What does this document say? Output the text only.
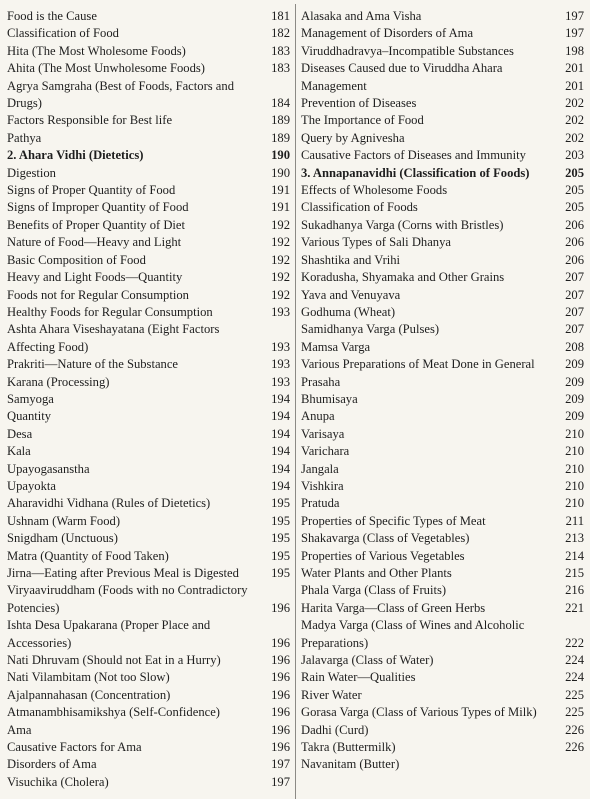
Food is the Cause	181
Classification of Food	182
Hita (The Most Wholesome Foods)	183
Ahita (The Most Unwholesome Foods)	183
Agrya Samgraha (Best of Foods, Factors and Drugs)	184
Factors Responsible for Best life	189
Pathya	189
2. Ahara Vidhi (Dietetics)	190
Digestion	190
Signs of Proper Quantity of Food	191
Signs of Improper Quantity of Food	191
Benefits of Proper Quantity of Diet	192
Nature of Food—Heavy and Light	192
Basic Composition of Food	192
Heavy and Light Foods—Quantity	192
Foods not for Regular Consumption	192
Healthy Foods for Regular Consumption	193
Ashta Ahara Viseshayatana (Eight Factors Affecting Food)	193
Prakriti—Nature of the Substance	193
Karana (Processing)	193
Samyoga	194
Quantity	194
Desa	194
Kala	194
Upayogasanstha	194
Upayokta	194
Aharavidhi Vidhana (Rules of Dietetics)	195
Ushnam (Warm Food)	195
Snigdham (Unctuous)	195
Matra (Quantity of Food Taken)	195
Jirna—Eating after Previous Meal is Digested	195
Viryaaviruddham (Foods with no Contradictory Potencies)	196
Ishta Desa Upakarana (Proper Place and Accessories)	196
Nati Dhruvam (Should not Eat in a Hurry)	196
Nati Vilambitam (Not too Slow)	196
Ajalpannahasan (Concentration)	196
Atmanambhisamikshya (Self-Confidence)	196
Ama	196
Causative Factors for Ama	196
Disorders of Ama	197
Visuchika (Cholera)	197
Alasaka and Ama Visha	197
Management of Disorders of Ama	197
Viruddhadravya–Incompatible Substances	198
Diseases Caused due to Viruddha Ahara	201
Management	201
Prevention of Diseases	202
The Importance of Food	202
Query by Agnivesha	202
Causative Factors of Diseases and Immunity	203
3. Annapanavidhi (Classification of Foods)	205
Effects of Wholesome Foods	205
Classification of Foods	205
Sukadhanya Varga (Corns with Bristles)	206
Various Types of Sali Dhanya	206
Shashtika and Vrihi	206
Koradusha, Shyamaka and Other Grains	207
Yava and Venuyava	207
Godhuma (Wheat)	207
Samidhanya Varga (Pulses)	207
Mamsa Varga	208
Various Preparations of Meat Done in General	209
Prasaha	209
Bhumisaya	209
Anupa	209
Varisaya	210
Varichara	210
Jangala	210
Vishkira	210
Pratuda	210
Properties of Specific Types of Meat	211
Shakavarga (Class of Vegetables)	213
Properties of Various Vegetables	214
Water Plants and Other Plants	215
Phala Varga (Class of Fruits)	216
Harita Varga—Class of Green Herbs	221
Madya Varga (Class of Wines and Alcoholic Preparations)	222
Jalavarga (Class of Water)	224
Rain Water—Qualities	224
River Water	225
Gorasa Varga (Class of Various Types of Milk)	225
Dadhi (Curd)	226
Takra (Buttermilk)	226
Navanitam (Butter)
